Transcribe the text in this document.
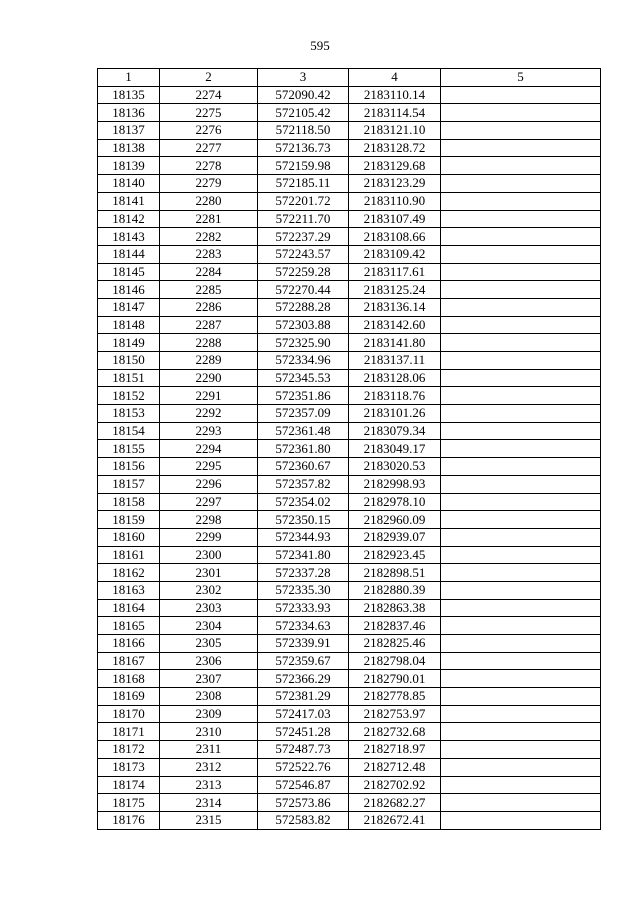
595
1	2	3	4	5
18135	2274	572090.42	2183110.14	
18136	2275	572105.42	2183114.54	
18137	2276	572118.50	2183121.10	
18138	2277	572136.73	2183128.72	
18139	2278	572159.98	2183129.68	
18140	2279	572185.11	2183123.29	
18141	2280	572201.72	2183110.90	
18142	2281	572211.70	2183107.49	
18143	2282	572237.29	2183108.66	
18144	2283	572243.57	2183109.42	
18145	2284	572259.28	2183117.61	
18146	2285	572270.44	2183125.24	
18147	2286	572288.28	2183136.14	
18148	2287	572303.88	2183142.60	
18149	2288	572325.90	2183141.80	
18150	2289	572334.96	2183137.11	
18151	2290	572345.53	2183128.06	
18152	2291	572351.86	2183118.76	
18153	2292	572357.09	2183101.26	
18154	2293	572361.48	2183079.34	
18155	2294	572361.80	2183049.17	
18156	2295	572360.67	2183020.53	
18157	2296	572357.82	2182998.93	
18158	2297	572354.02	2182978.10	
18159	2298	572350.15	2182960.09	
18160	2299	572344.93	2182939.07	
18161	2300	572341.80	2182923.45	
18162	2301	572337.28	2182898.51	
18163	2302	572335.30	2182880.39	
18164	2303	572333.93	2182863.38	
18165	2304	572334.63	2182837.46	
18166	2305	572339.91	2182825.46	
18167	2306	572359.67	2182798.04	
18168	2307	572366.29	2182790.01	
18169	2308	572381.29	2182778.85	
18170	2309	572417.03	2182753.97	
18171	2310	572451.28	2182732.68	
18172	2311	572487.73	2182718.97	
18173	2312	572522.76	2182712.48	
18174	2313	572546.87	2182702.92	
18175	2314	572573.86	2182682.27	
18176	2315	572583.82	2182672.41	
